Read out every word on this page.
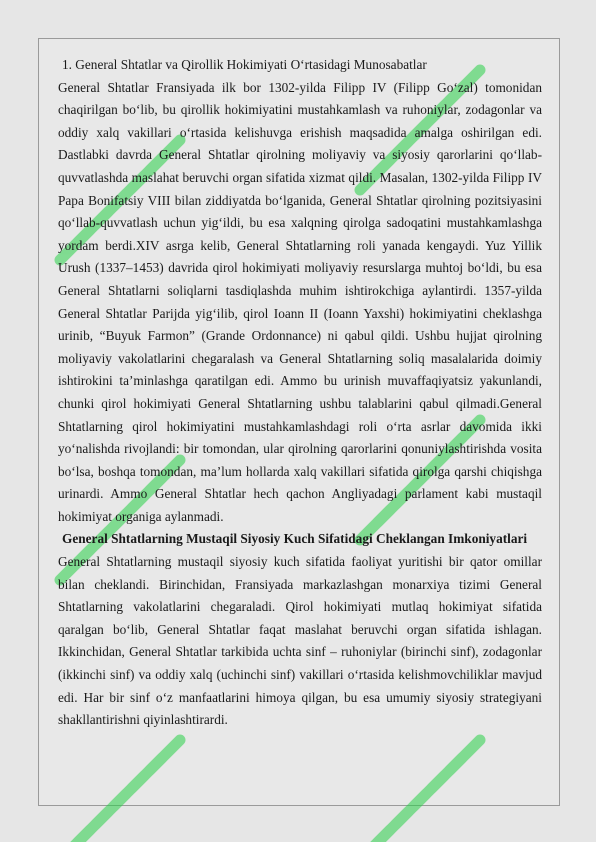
1. General Shtatlar va Qirollik Hokimiyati O‘rtasidagi Munosabatlar

General Shtatlar Fransiyada ilk bor 1302-yilda Filipp IV (Filipp Go‘zal) tomonidan chaqirilgan bo‘lib, bu qirollik hokimiyatini mustahkamlash va ruhoniylar, zodagonlar va oddiy xalq vakillari o‘rtasida kelishuvga erishish maqsadida amalga oshirilgan edi. Dastlabki davrda General Shtatlar qirolning moliyaviy va siyosiy qarorlarini qo‘llab-quvvatlashda maslahat beruvchi organ sifatida xizmat qildi. Masalan, 1302-yilda Filipp IV Papa Bonifatsiy VIII bilan ziddiyatda bo‘lganida, General Shtatlar qirolning pozitsiyasini qo‘llab-quvvatlash uchun yig‘ildi, bu esa xalqning qirolga sadoqatini mustahkamlashga yordam berdi.XIV asrga kelib, General Shtatlarning roli yanada kengaydi. Yuz Yillik Urush (1337–1453) davrida qirol hokimiyati moliyaviy resurslarga muhtoj bo‘ldi, bu esa General Shtatlarni soliqlarni tasdiqlashda muhim ishtirokchiga aylantirdi. 1357-yilda General Shtatlar Parijda yig‘ilib, qirol Ioann II (Ioann Yaxshi) hokimiyatini cheklashga urinib, “Buyuk Farmon” (Grande Ordonnance) ni qabul qildi. Ushbu hujjat qirolning moliyaviy vakolatlarini chegaralash va General Shtatlarning soliq masalalarida doimiy ishtirokini ta’minlashga qaratilgan edi. Ammo bu urinish muvaffaqiyatsiz yakunlandi, chunki qirol hokimiyati General Shtatlarning ushbu talablarini qabul qilmadi.General Shtatlarning qirol hokimiyatini mustahkamlashdagi roli o‘rta asrlar davomida ikki yo‘nalishda rivojlandi: bir tomondan, ular qirolning qarorlarini qonuniylashtirishda vosita bo‘lsa, boshqa tomondan, ma’lum hollarda xalq vakillari sifatida qirolga qarshi chiqishga urinardi. Ammo General Shtatlar hech qachon Angliyadagi parlament kabi mustaqil hokimiyat organiga aylanmadi.

General Shtatlarning Mustaqil Siyosiy Kuch Sifatidagi Cheklangan Imkoniyatlari

General Shtatlarning mustaqil siyosiy kuch sifatida faoliyat yuritishi bir qator omillar bilan cheklandi. Birinchidan, Fransiyada markazlashgan monarxiya tizimi General Shtatlarning vakolatlarini chegaraladi. Qirol hokimiyati mutlaq hokimiyat sifatida qaralgan bo‘lib, General Shtatlar faqat maslahat beruvchi organ sifatida ishlagan. Ikkinchidan, General Shtatlar tarkibida uchta sinf – ruhoniylar (birinchi sinf), zodagonlar (ikkinchi sinf) va oddiy xalq (uchinchi sinf) vakillari o‘rtasida kelishmovchiliklar mavjud edi. Har bir sinf o‘z manfaatlarini himoya qilgan, bu esa umumiy siyosiy strategiyani shakllantirishni qiyinlashtirardi.
